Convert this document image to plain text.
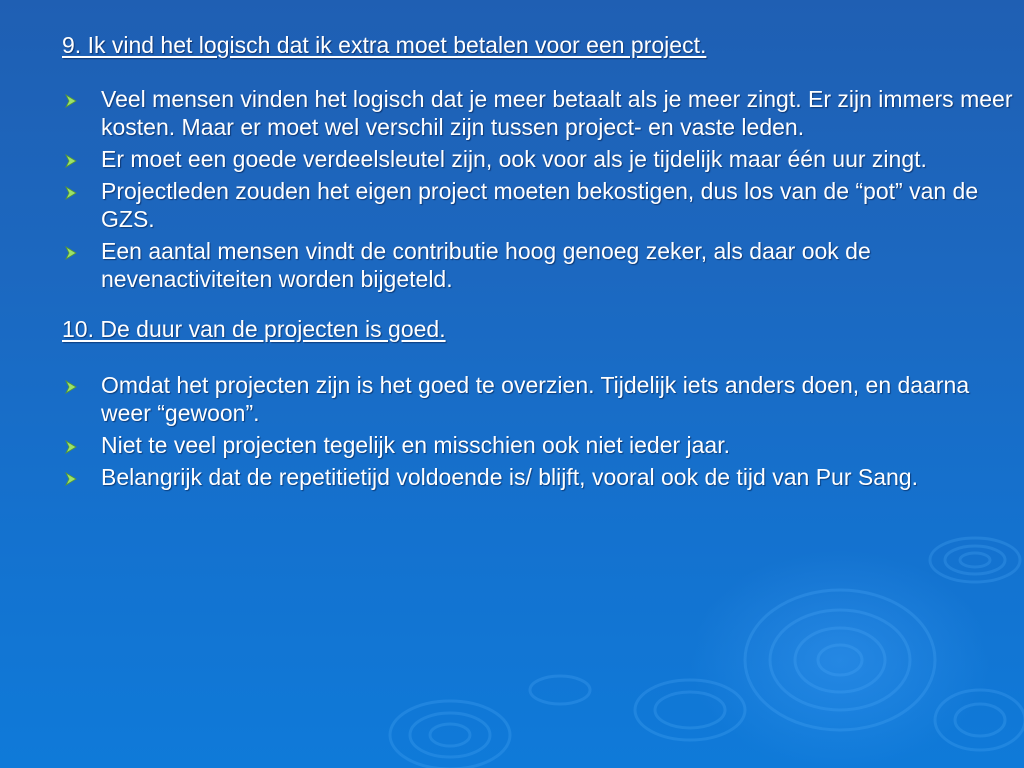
9. Ik vind het logisch dat ik extra moet betalen voor een project.

Veel mensen vinden het logisch dat je meer betaalt als je meer zingt. Er zijn immers meer kosten. Maar er moet wel verschil zijn tussen project- en vaste leden.
Er moet een goede verdeelsleutel zijn, ook voor als je tijdelijk maar één uur zingt.
Projectleden zouden het eigen project moeten bekostigen, dus los van de “pot” van de GZS.
Een aantal mensen vindt de contributie hoog genoeg zeker, als daar ook de nevenactiviteiten worden bijgeteld.

10. De duur van de projecten is goed.

Omdat het projecten zijn is het goed te overzien. Tijdelijk iets anders doen, en daarna weer “gewoon”.
Niet te veel projecten tegelijk en misschien ook niet ieder jaar.
Belangrijk dat de repetitietijd voldoende is/ blijft, vooral ook de tijd van Pur Sang.
